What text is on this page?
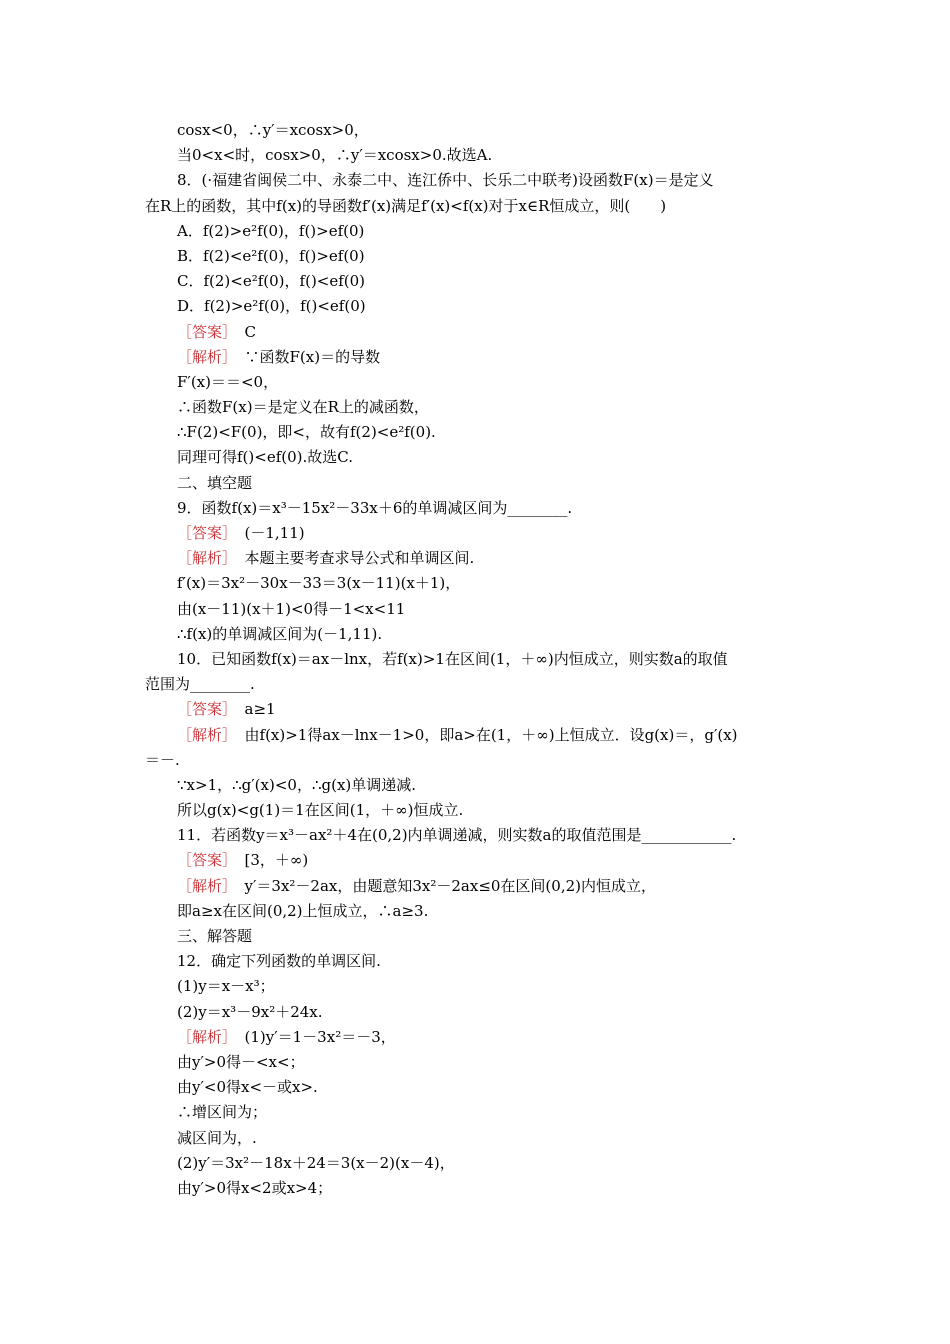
cosx<0，∴y′＝xcosx>0，
当0<x<时，cosx>0，∴y′＝xcosx>0.故选A.
8．(·福建省闽侯二中、永泰二中、连江侨中、长乐二中联考)设函数F(x)＝是定义
在R上的函数，其中f(x)的导函数f′(x)满足f′(x)<f(x)对于x∈R恒成立，则(　　)
A．f(2)>e²f(0)，f()>ef(0)
B．f(2)<e²f(0)，f()>ef(0)
C．f(2)<e²f(0)，f()<ef(0)
D．f(2)>e²f(0)，f()<ef(0)
［答案］　C
［解析］　∵函数F(x)＝的导数
F′(x)＝＝<0，
∴函数F(x)＝是定义在R上的减函数，
∴F(2)<F(0)，即<，故有f(2)<e²f(0).
同理可得f()<ef(0).故选C.
二、填空题
9．函数f(x)＝x³－15x²－33x＋6的单调减区间为________.
［答案］　(－1,11)
［解析］　本题主要考查求导公式和单调区间.
f′(x)＝3x²－30x－33＝3(x－11)(x＋1)，
由(x－11)(x＋1)<0得－1<x<11
∴f(x)的单调减区间为(－1,11).
10．已知函数f(x)＝ax－lnx，若f(x)>1在区间(1，＋∞)内恒成立，则实数a的取值
范围为________.
［答案］　a≥1
［解析］　由f(x)>1得ax－lnx－1>0，即a>在(1，＋∞)上恒成立．设g(x)＝，g′(x)
＝－.
∵x>1，∴g′(x)<0，∴g(x)单调递减.
所以g(x)<g(1)＝1在区间(1，＋∞)恒成立.
11．若函数y＝x³－ax²＋4在(0,2)内单调递减，则实数a的取值范围是____________.
［答案］　[3，＋∞)
［解析］　y′＝3x²－2ax，由题意知3x²－2ax≤0在区间(0,2)内恒成立，
即a≥x在区间(0,2)上恒成立，∴a≥3.
三、解答题
12．确定下列函数的单调区间.
(1)y＝x－x³；
(2)y＝x³－9x²＋24x.
［解析］　(1)y′＝1－3x²＝－3，
由y′>0得－<x<；
由y′<0得x<－或x>.
∴增区间为；
减区间为，.
(2)y′＝3x²－18x＋24＝3(x－2)(x－4)，
由y′>0得x<2或x>4；
